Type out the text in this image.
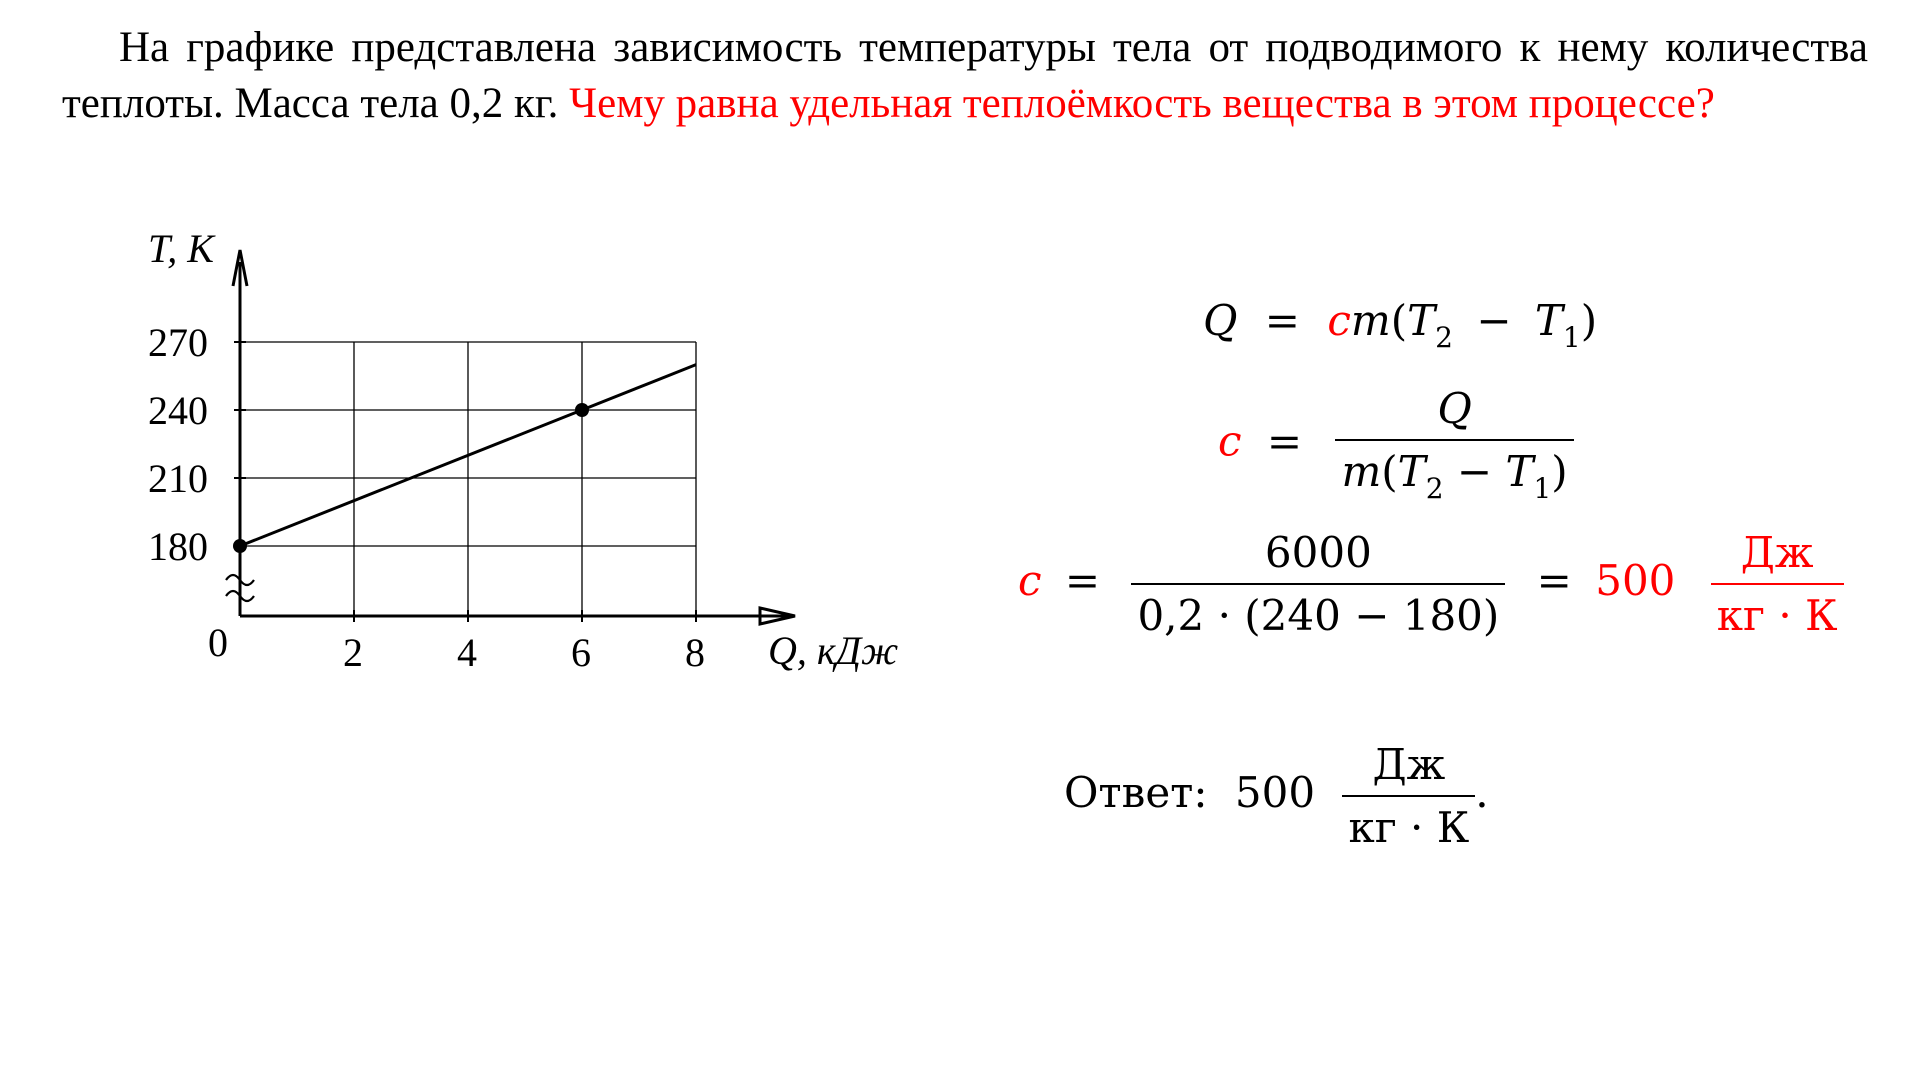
На графике представлена зависимость температуры тела от подводимого к нему количества теплоты. Масса тела 0,2 кг. Чему равна удельная теплоёмкость вещества в этом процессе?
180
210
240
270
2 4 6 8
T, К
Q, кДж
0
$Q = cm(T_2 - T_1)$
$c = \frac{Q}{m(T_2 - T_1)}$
$c = \frac{6000}{0,2 \cdot (240 - 180)} = 500 \frac{Дж}{кг \cdot К}$
Ответ: $500 \frac{Дж}{кг \cdot К}$ .
